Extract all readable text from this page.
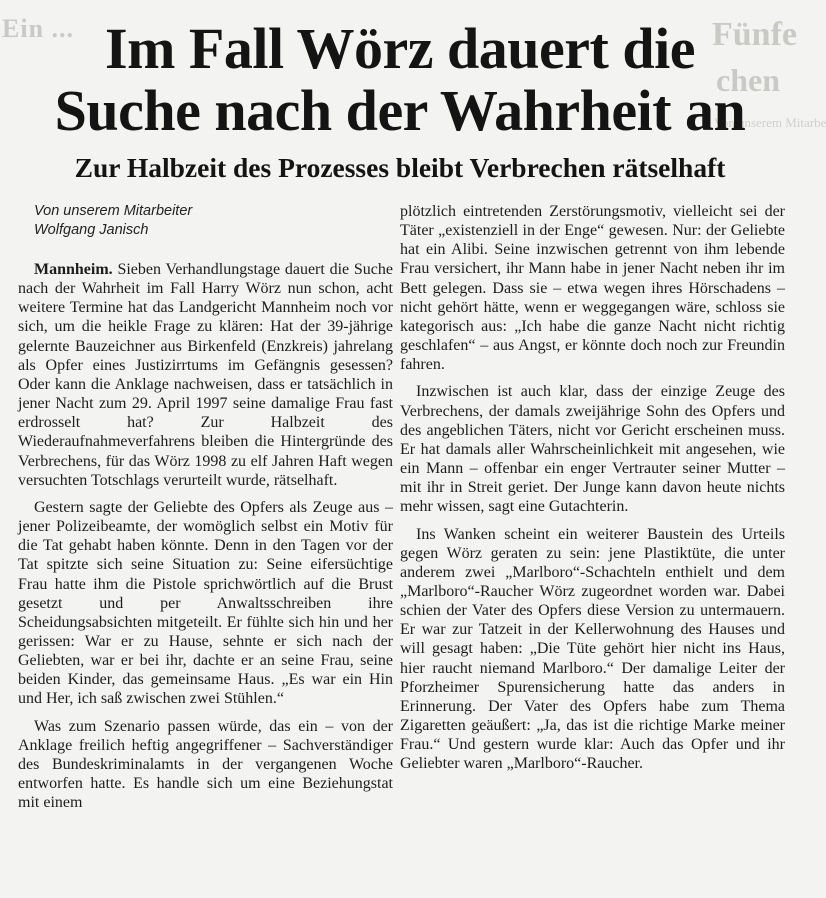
Ein ...	Fünfe
chen
Von unserem Mitarbe
Im Fall Wörz dauert die
Suche nach der Wahrheit an
Zur Halbzeit des Prozesses bleibt Verbrechen rätselhaft

Von unserem Mitarbeiter

Wolfgang Janisch

Mannheim. Sieben Verhandlungstage dauert die Suche nach der Wahrheit im Fall Harry Wörz nun schon, acht weitere Termine hat das Landgericht Mannheim noch vor sich, um die heikle Frage zu klären: Hat der 39-jährige gelernte Bauzeichner aus Birkenfeld (Enzkreis) jahrelang als Opfer eines Justizirrtums im Gefängnis gesessen? Oder kann die Anklage nachweisen, dass er tatsächlich in jener Nacht zum 29. April 1997 seine damalige Frau fast erdrosselt hat? Zur Halbzeit des Wiederaufnahmeverfahrens bleiben die Hintergründe des Verbrechens, für das Wörz 1998 zu elf Jahren Haft wegen versuchten Totschlags verurteilt wurde, rätselhaft.

Gestern sagte der Geliebte des Opfers als Zeuge aus – jener Polizeibeamte, der womöglich selbst ein Motiv für die Tat gehabt haben könnte. Denn in den Tagen vor der Tat spitzte sich seine Situation zu: Seine eifersüchtige Frau hatte ihm die Pistole sprichwörtlich auf die Brust gesetzt und per Anwaltsschreiben ihre Scheidungsabsichten mitgeteilt. Er fühlte sich hin und her gerissen: War er zu Hause, sehnte er sich nach der Geliebten, war er bei ihr, dachte er an seine Frau, seine beiden Kinder, das gemeinsame Haus. „Es war ein Hin und Her, ich saß zwischen zwei Stühlen.“

Was zum Szenario passen würde, das ein – von der Anklage freilich heftig angegriffener – Sachverständiger des Bundeskriminalamts in der vergangenen Woche entworfen hatte. Es handle sich um eine Beziehungstat mit einem

plötzlich eintretenden Zerstörungsmotiv, vielleicht sei der Täter „existenziell in der Enge“ gewesen. Nur: der Geliebte hat ein Alibi. Seine inzwischen getrennt von ihm lebende Frau versichert, ihr Mann habe in jener Nacht neben ihr im Bett gelegen. Dass sie – etwa wegen ihres Hörschadens – nicht gehört hätte, wenn er weggegangen wäre, schloss sie kategorisch aus: „Ich habe die ganze Nacht nicht richtig geschlafen“ – aus Angst, er könnte doch noch zur Freundin fahren.

Inzwischen ist auch klar, dass der einzige Zeuge des Verbrechens, der damals zweijährige Sohn des Opfers und des angeblichen Täters, nicht vor Gericht erscheinen muss. Er hat damals aller Wahrscheinlichkeit mit angesehen, wie ein Mann – offenbar ein enger Vertrauter seiner Mutter – mit ihr in Streit geriet. Der Junge kann davon heute nichts mehr wissen, sagt eine Gutachterin.

Ins Wanken scheint ein weiterer Baustein des Urteils gegen Wörz geraten zu sein: jene Plastiktüte, die unter anderem zwei „Marlboro“-Schachteln enthielt und dem „Marlboro“-Raucher Wörz zugeordnet worden war. Dabei schien der Vater des Opfers diese Version zu untermauern. Er war zur Tatzeit in der Kellerwohnung des Hauses und will gesagt haben: „Die Tüte gehört hier nicht ins Haus, hier raucht niemand Marlboro.“ Der damalige Leiter der Pforzheimer Spurensicherung hatte das anders in Erinnerung. Der Vater des Opfers habe zum Thema Zigaretten geäußert: „Ja, das ist die richtige Marke meiner Frau.“ Und gestern wurde klar: Auch das Opfer und ihr Geliebter waren „Marlboro“-Raucher.
